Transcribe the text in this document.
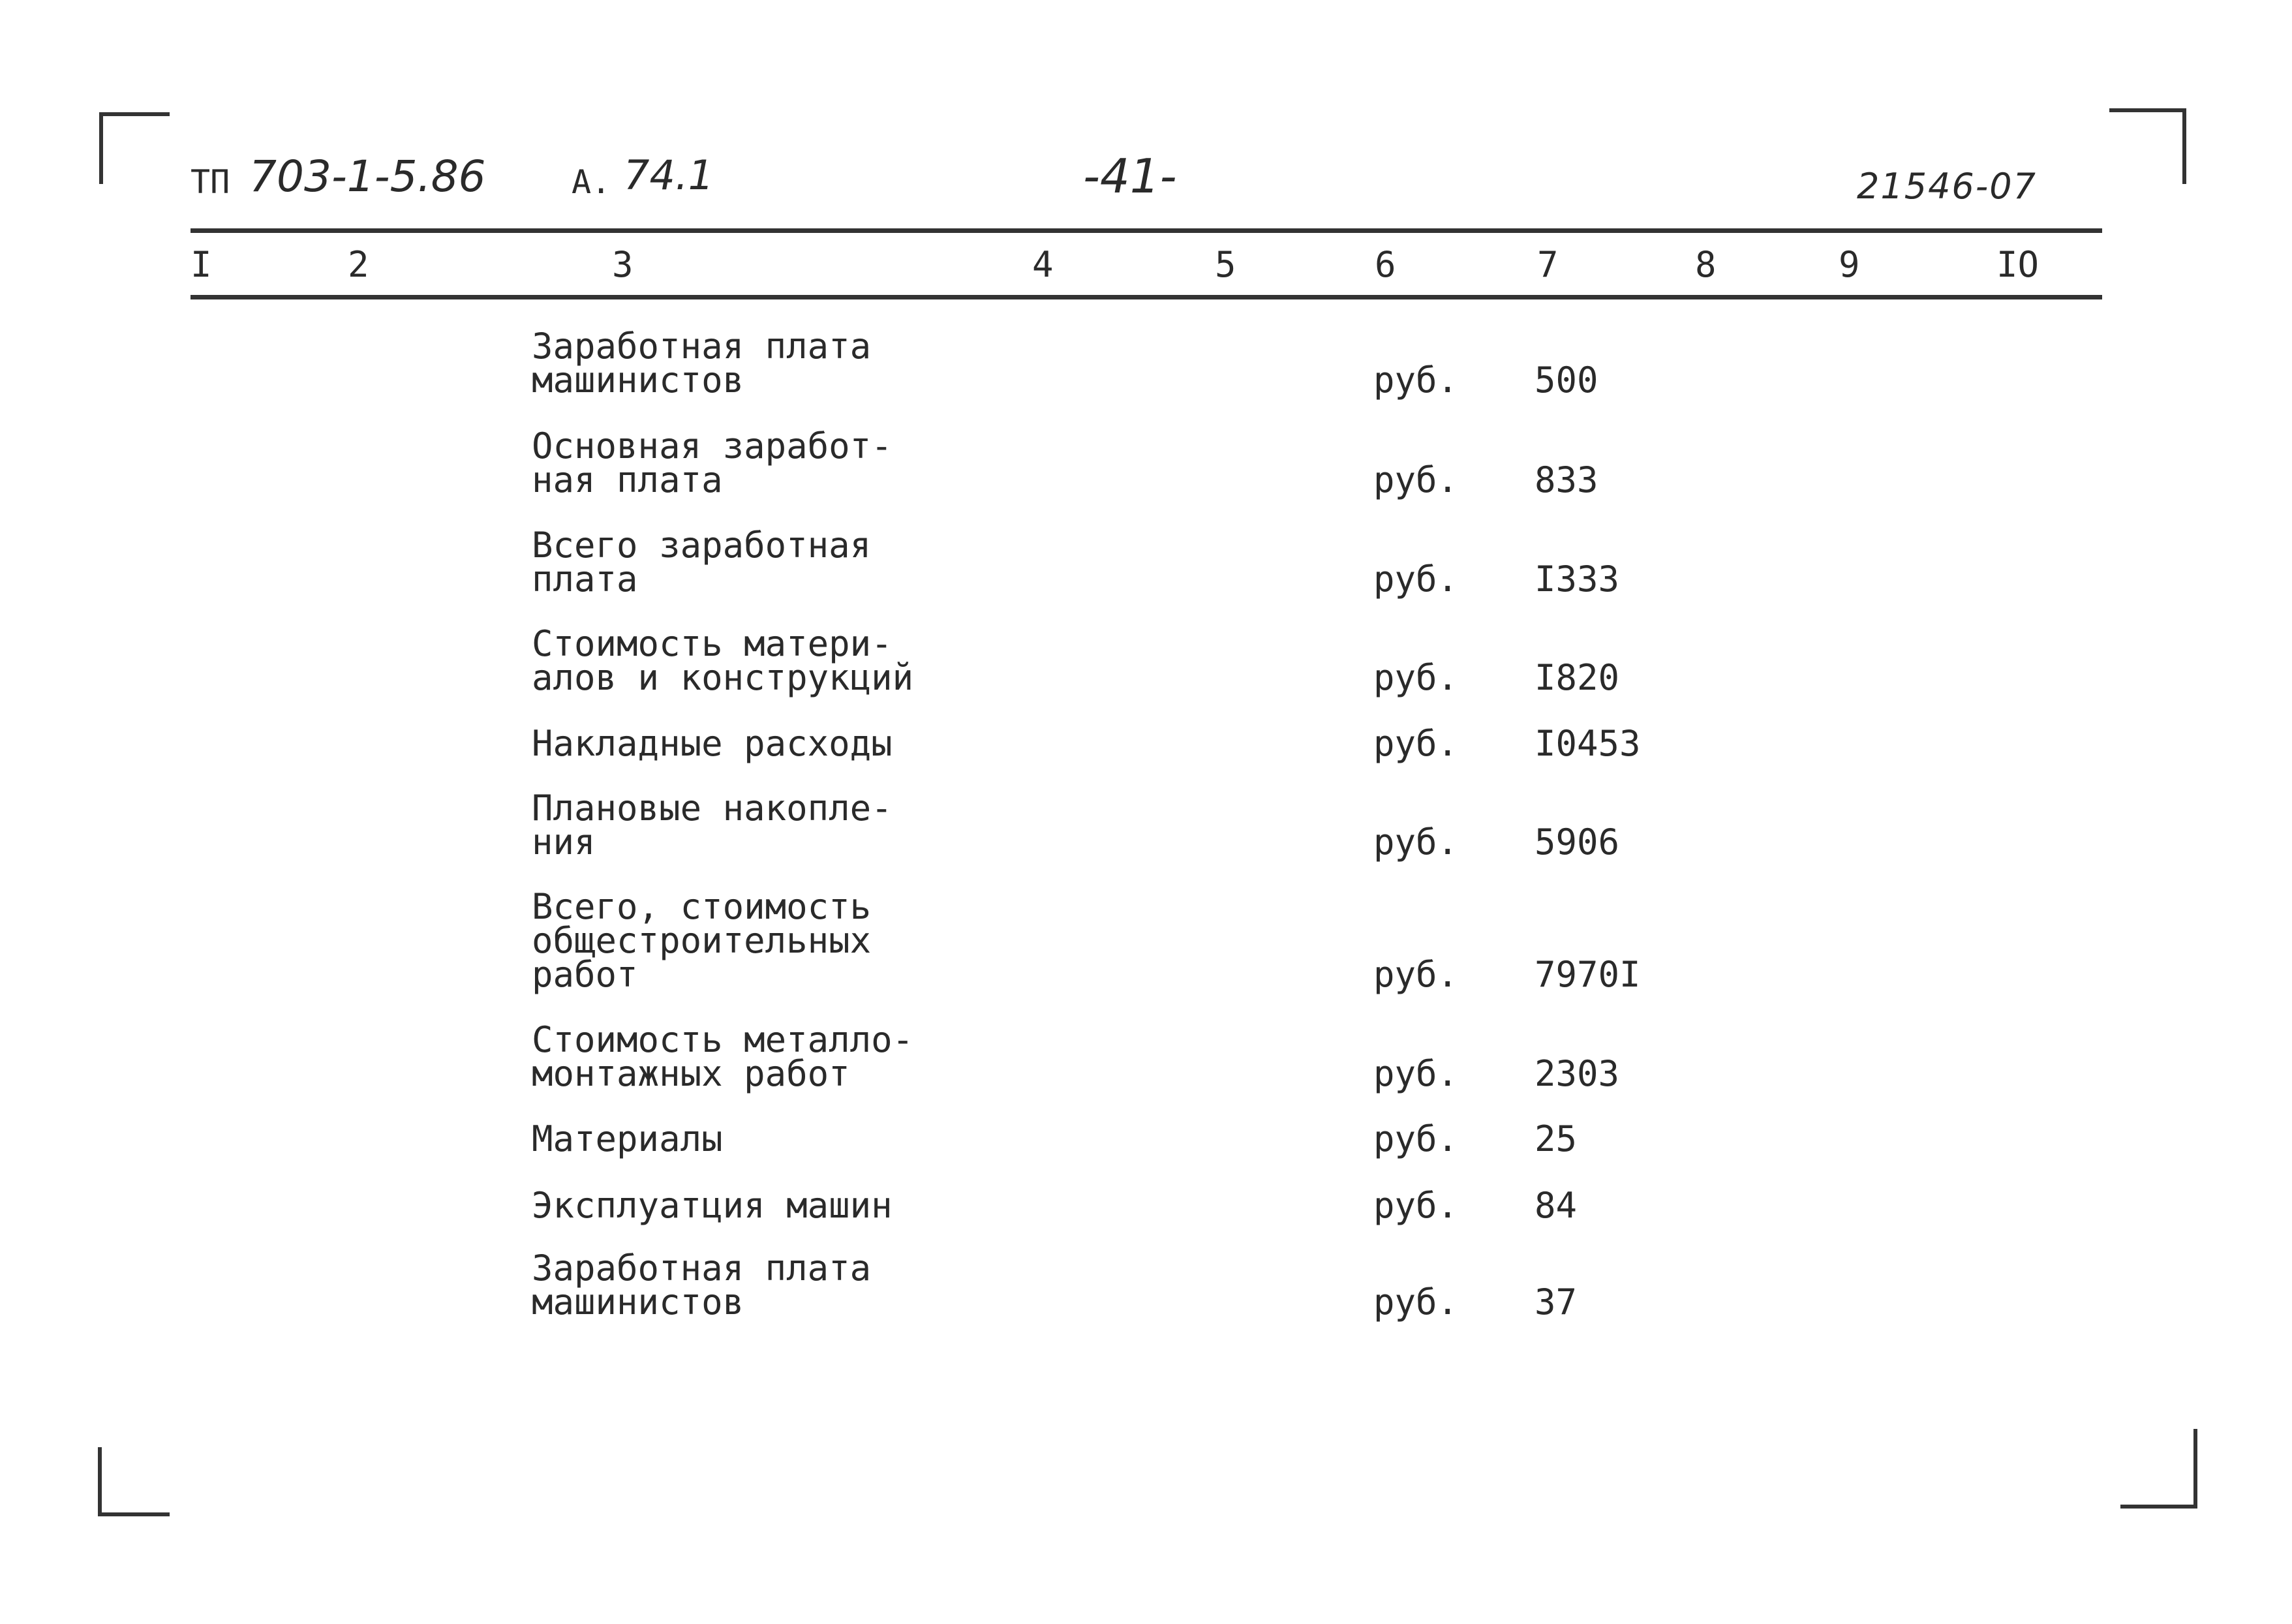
ТП 703-1-5.86	А. 74.1	-41-	21546-07
I	2	3	4	5	6	7	8	9	IO
Заработная плата
машинистов	руб. 500
Основная заработ-
ная плата	руб. 833
Всего заработная
плата	руб. I333
Стоимость матери-
алов и конструкций	руб. I820
Накладные расходы	руб. I0453
Плановые накопле-
ния	руб. 5906
Всего, стоимость
общестроительных
работ	руб. 7970I
Стоимость металло-
монтажных работ	руб. 2303
Материалы	руб. 25
Эксплуатция машин	руб. 84
Заработная плата
машинистов	руб. 37
